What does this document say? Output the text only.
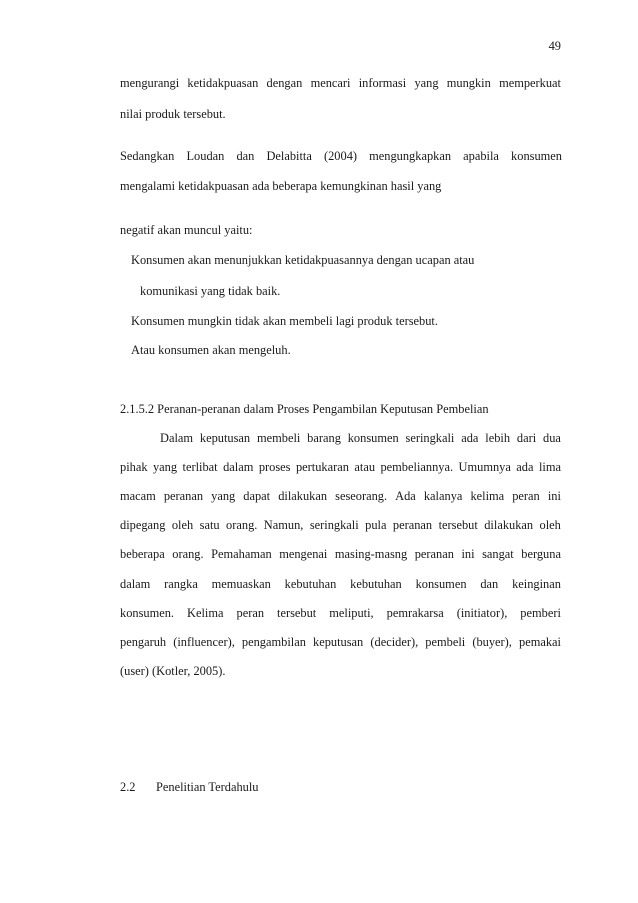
49
mengurangi ketidakpuasan dengan mencari informasi yang mungkin memperkuat
nilai produk tersebut.
Sedangkan Loudan dan Delabitta (2004) mengungkapkan apabila konsumen
mengalami ketidakpuasan ada beberapa kemungkinan hasil yang
negatif akan muncul yaitu:
Konsumen akan menunjukkan ketidakpuasannya dengan ucapan atau
komunikasi yang tidak baik.
Konsumen mungkin tidak akan membeli lagi produk tersebut.
Atau konsumen akan mengeluh.
2.1.5.2 Peranan-peranan dalam Proses Pengambilan Keputusan Pembelian
Dalam keputusan membeli barang konsumen seringkali ada lebih dari dua
pihak yang terlibat dalam proses pertukaran atau pembeliannya. Umumnya ada lima
macam peranan yang dapat dilakukan seseorang. Ada kalanya kelima peran ini
dipegang oleh satu orang. Namun, seringkali pula peranan tersebut dilakukan oleh
beberapa orang. Pemahaman mengenai masing-masng peranan ini sangat berguna
dalam rangka memuaskan kebutuhan kebutuhan konsumen dan keinginan
konsumen. Kelima peran tersebut meliputi, pemrakarsa (initiator), pemberi
pengaruh (influencer), pengambilan keputusan (decider), pembeli (buyer), pemakai
(user) (Kotler, 2005).
2.2 Penelitian Terdahulu
